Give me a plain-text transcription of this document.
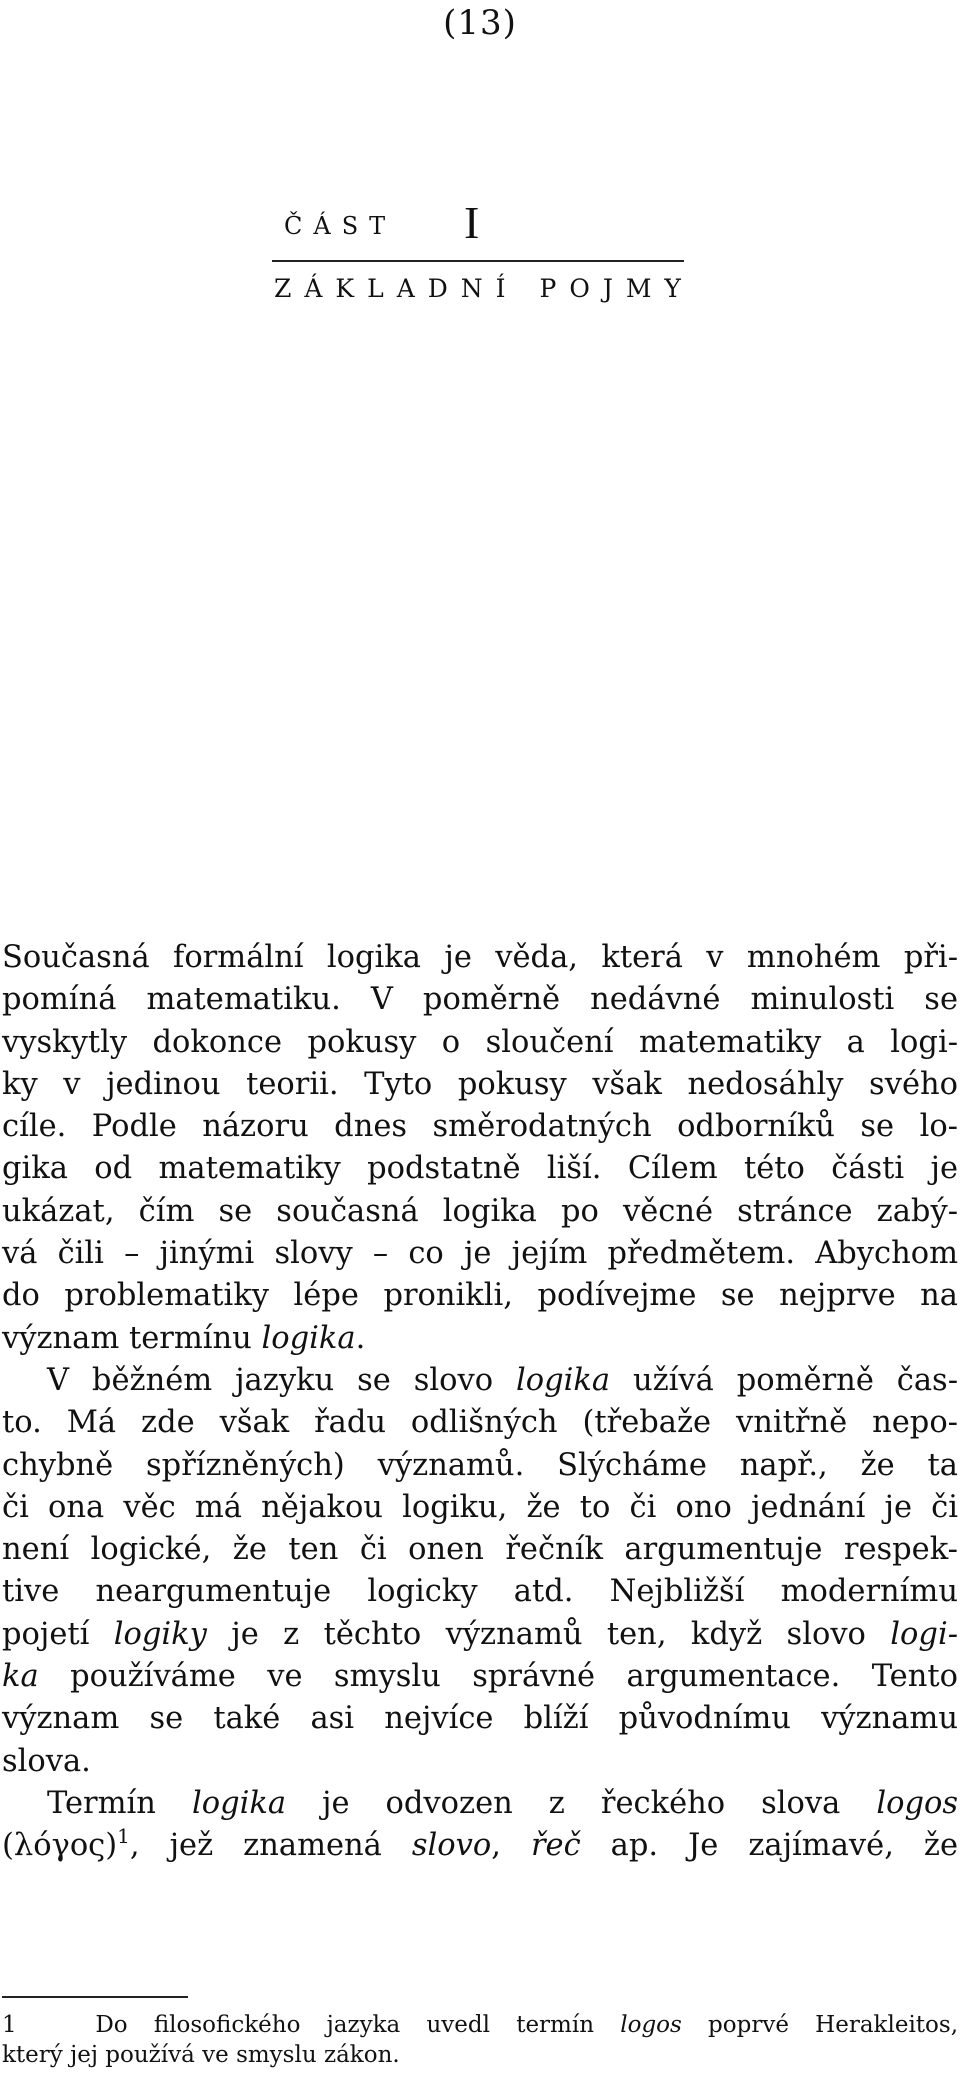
(13)
ČÁST I
ZÁKLADNÍ POJMY
Současná formální logika je věda, která v mnohém při-
pomíná matematiku. V poměrně nedávné minulosti se
vyskytly dokonce pokusy o sloučení matematiky a logi-
ky v jedinou teorii. Tyto pokusy však nedosáhly svého
cíle. Podle názoru dnes směrodatných odborníků se lo-
gika od matematiky podstatně liší. Cílem této části je
ukázat, čím se současná logika po věcné stránce zabý-
vá čili – jinými slovy – co je jejím předmětem. Abychom
do problematiky lépe pronikli, podívejme se nejprve na
význam termínu logika.
V běžném jazyku se slovo logika užívá poměrně čas-
to. Má zde však řadu odlišných (třebaže vnitřně nepo-
chybně spřízněných) významů. Slýcháme např., že ta
či ona věc má nějakou logiku, že to či ono jednání je či
není logické, že ten či onen řečník argumentuje respek-
tive neargumentuje logicky atd. Nejbližší modernímu
pojetí logiky je z těchto významů ten, když slovo logi-
ka používáme ve smyslu správné argumentace. Tento
význam se také asi nejvíce blíží původnímu významu
slova.
Termín logika je odvozen z řeckého slova logos
$(\lambda ό\gamma o\varsigma)^1$, jež znamená slovo, řeč ap. Je zajímavé, že
1	Do filosofického jazyka uvedl termín logos poprvé Herakleitos,
který jej používá ve smyslu zákon.
